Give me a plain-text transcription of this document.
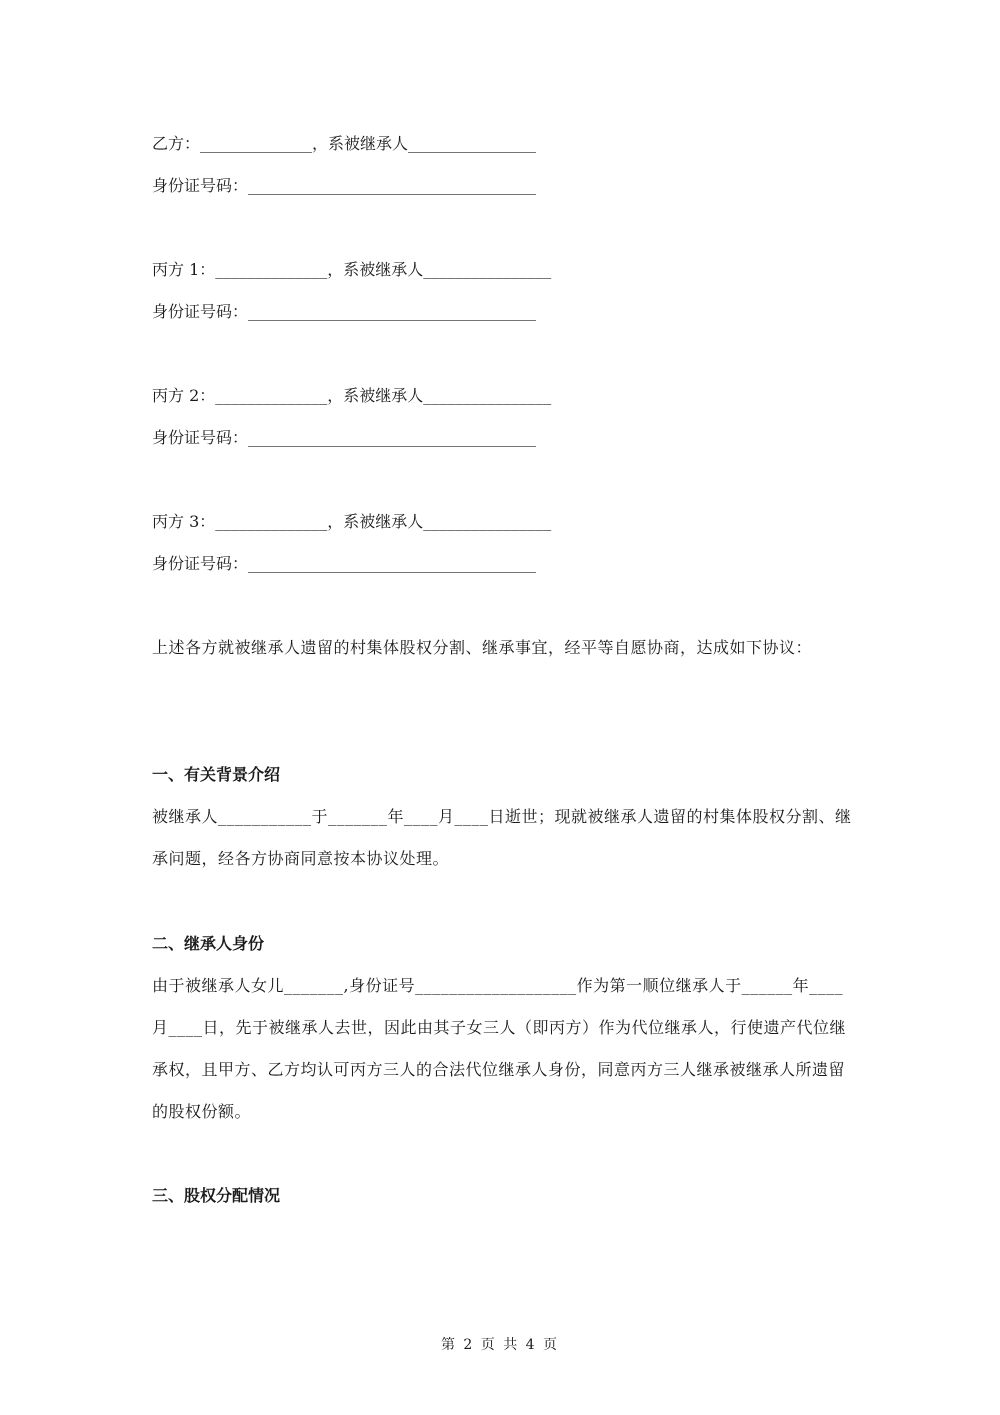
乙方：______________，系被继承人________________
身份证号码：____________________________________
丙方 1：______________，系被继承人________________
身份证号码：____________________________________
丙方 2：______________，系被继承人________________
身份证号码：____________________________________
丙方 3：______________，系被继承人________________
身份证号码：____________________________________
上述各方就被继承人遗留的村集体股权分割、继承事宜，经平等自愿协商，达成如下协议：
一、有关背景介绍
被继承人___________于_______年____月____日逝世；现就被继承人遗留的村集体股权分割、继承问题，经各方协商同意按本协议处理。
二、继承人身份
由于被继承人女儿_______,身份证号___________________作为第一顺位继承人于______年____月____日，先于被继承人去世，因此由其子女三人（即丙方）作为代位继承人，行使遗产代位继承权，且甲方、乙方均认可丙方三人的合法代位继承人身份，同意丙方三人继承被继承人所遗留的股权份额。
三、股权分配情况
第 2 页 共 4 页
